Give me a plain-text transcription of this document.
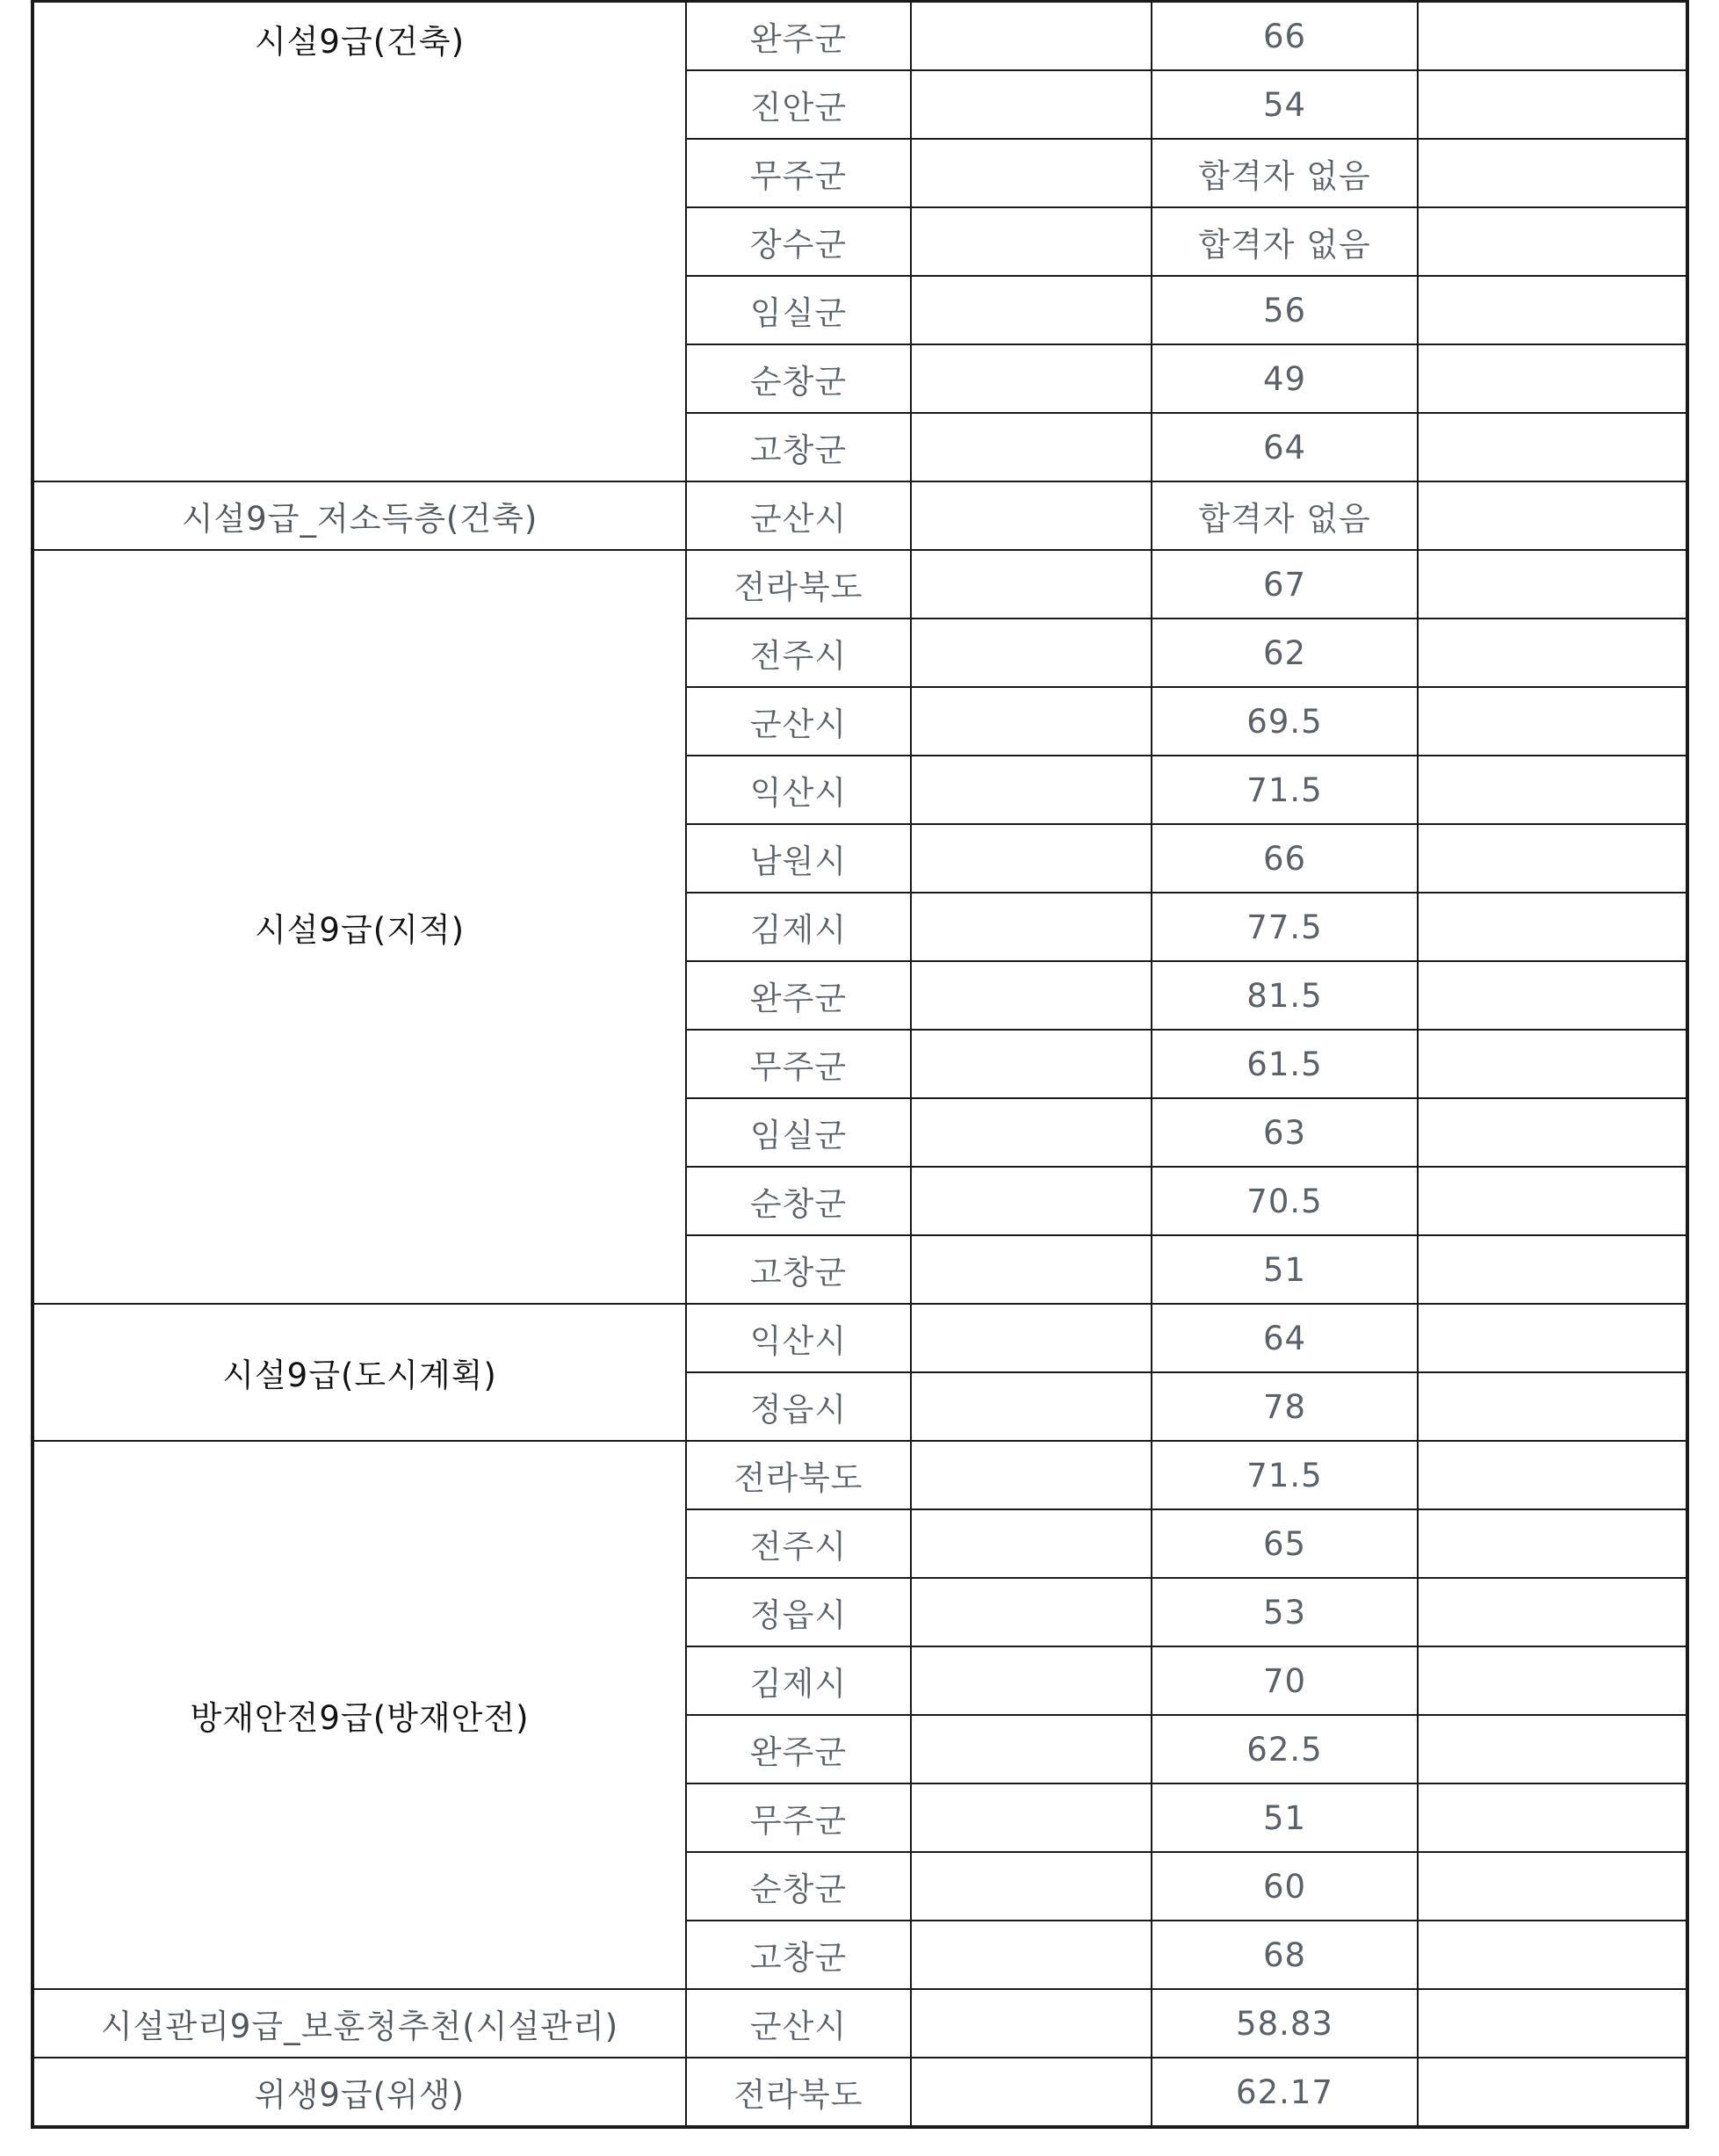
시설9급(건축)	완주군		66	
	진안군		54	
	무주군		합격자 없음	
	장수군		합격자 없음	
	임실군		56	
	순창군		49	
	고창군		64	
시설9급_저소득층(건축)	군산시		합격자 없음	
시설9급(지적)	전라북도		67	
	전주시		62	
	군산시		69.5	
	익산시		71.5	
	남원시		66	
	김제시		77.5	
	완주군		81.5	
	무주군		61.5	
	임실군		63	
	순창군		70.5	
	고창군		51	
시설9급(도시계획)	익산시		64	
	정읍시		78	
방재안전9급(방재안전)	전라북도		71.5	
	전주시		65	
	정읍시		53	
	김제시		70	
	완주군		62.5	
	무주군		51	
	순창군		60	
	고창군		68	
시설관리9급_보훈청추천(시설관리)	군산시		58.83	
위생9급(위생)	전라북도		62.17	
